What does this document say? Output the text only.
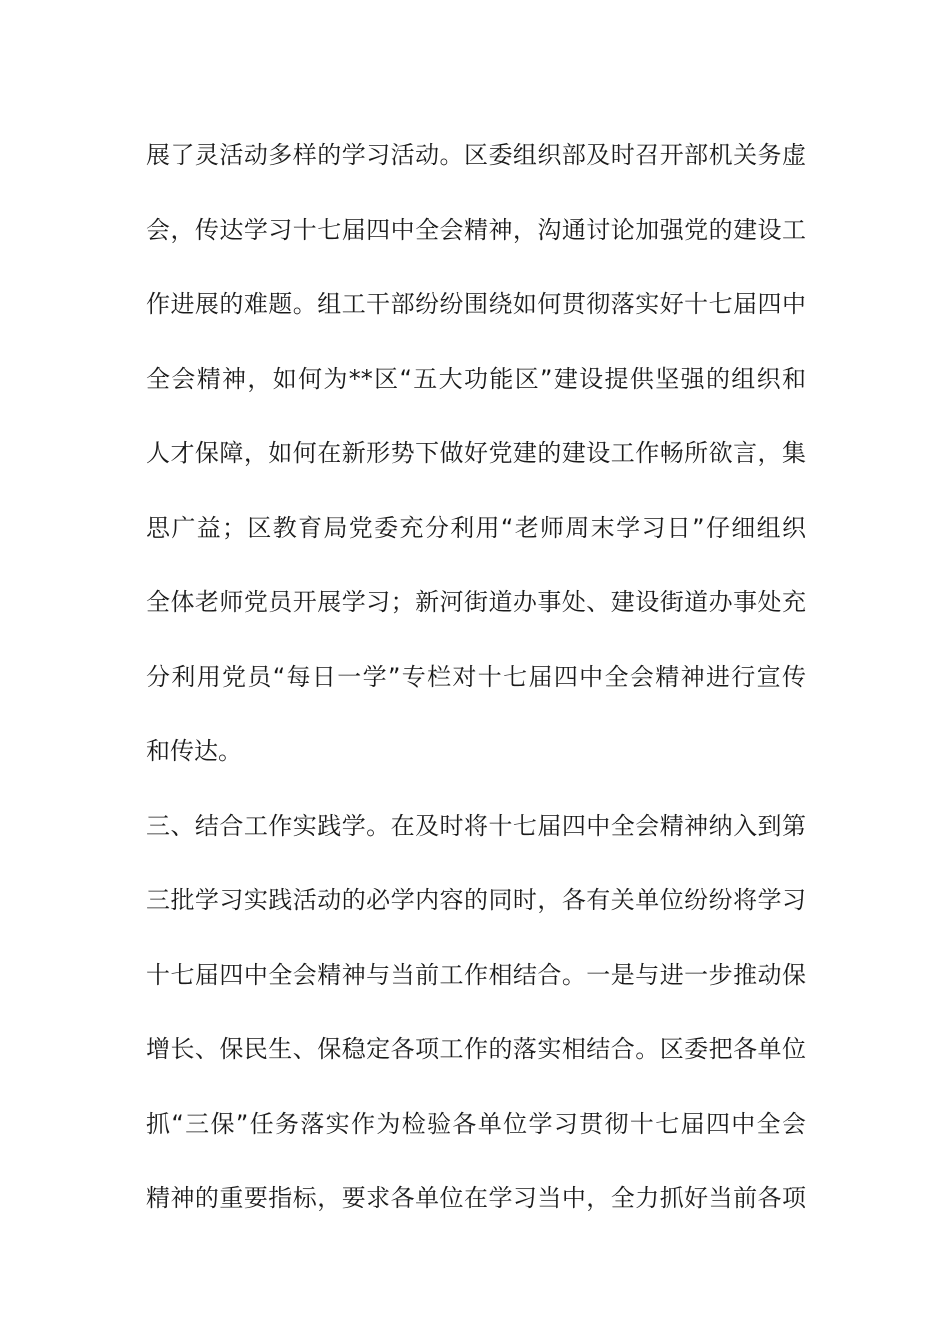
展了灵活动多样的学习活动。区委组织部及时召开部机关务虚
会，传达学习十七届四中全会精神，沟通讨论加强党的建设工
作进展的难题。组工干部纷纷围绕如何贯彻落实好十七届四中
全会精神，如何为**区“五大功能区”建设提供坚强的组织和
人才保障，如何在新形势下做好党建的建设工作畅所欲言，集
思广益；区教育局党委充分利用“老师周末学习日”仔细组织
全体老师党员开展学习；新河街道办事处、建设街道办事处充
分利用党员“每日一学”专栏对十七届四中全会精神进行宣传
和传达。
三、结合工作实践学。在及时将十七届四中全会精神纳入到第
三批学习实践活动的必学内容的同时，各有关单位纷纷将学习
十七届四中全会精神与当前工作相结合。一是与进一步推动保
增长、保民生、保稳定各项工作的落实相结合。区委把各单位
抓“三保”任务落实作为检验各单位学习贯彻十七届四中全会
精神的重要指标，要求各单位在学习当中，全力抓好当前各项
